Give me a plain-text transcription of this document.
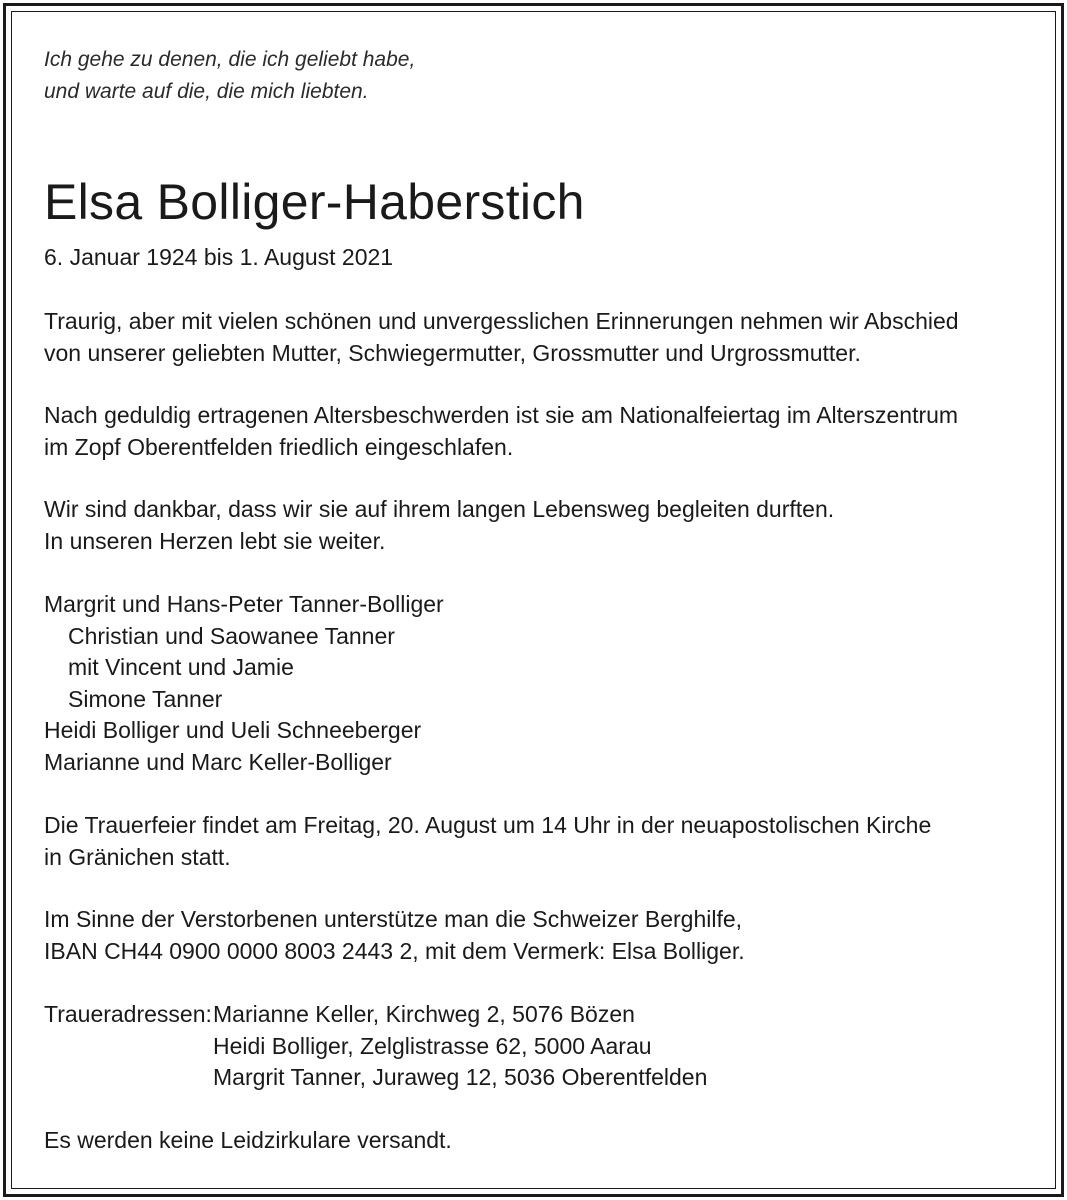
Ich gehe zu denen, die ich geliebt habe,
und warte auf die, die mich liebten.
Elsa Bolliger-Haberstich
6. Januar 1924 bis 1. August 2021
Traurig, aber mit vielen schönen und unvergesslichen Erinnerungen nehmen wir Abschied
von unserer geliebten Mutter, Schwiegermutter, Grossmutter und Urgrossmutter.
Nach geduldig ertragenen Altersbeschwerden ist sie am Nationalfeiertag im Alterszentrum
im Zopf Oberentfelden friedlich eingeschlafen.
Wir sind dankbar, dass wir sie auf ihrem langen Lebensweg begleiten durften.
In unseren Herzen lebt sie weiter.
Margrit und Hans-Peter Tanner-Bolliger
Christian und Saowanee Tanner
mit Vincent und Jamie
Simone Tanner
Heidi Bolliger und Ueli Schneeberger
Marianne und Marc Keller-Bolliger
Die Trauerfeier findet am Freitag, 20. August um 14 Uhr in der neuapostolischen Kirche
in Gränichen statt.
Im Sinne der Verstorbenen unterstütze man die Schweizer Berghilfe,
IBAN CH44 0900 0000 8003 2443 2, mit dem Vermerk: Elsa Bolliger.
Traueradressen: Marianne Keller, Kirchweg 2, 5076 Bözen
Heidi Bolliger, Zelglistrasse 62, 5000 Aarau
Margrit Tanner, Juraweg 12, 5036 Oberentfelden
Es werden keine Leidzirkulare versandt.
